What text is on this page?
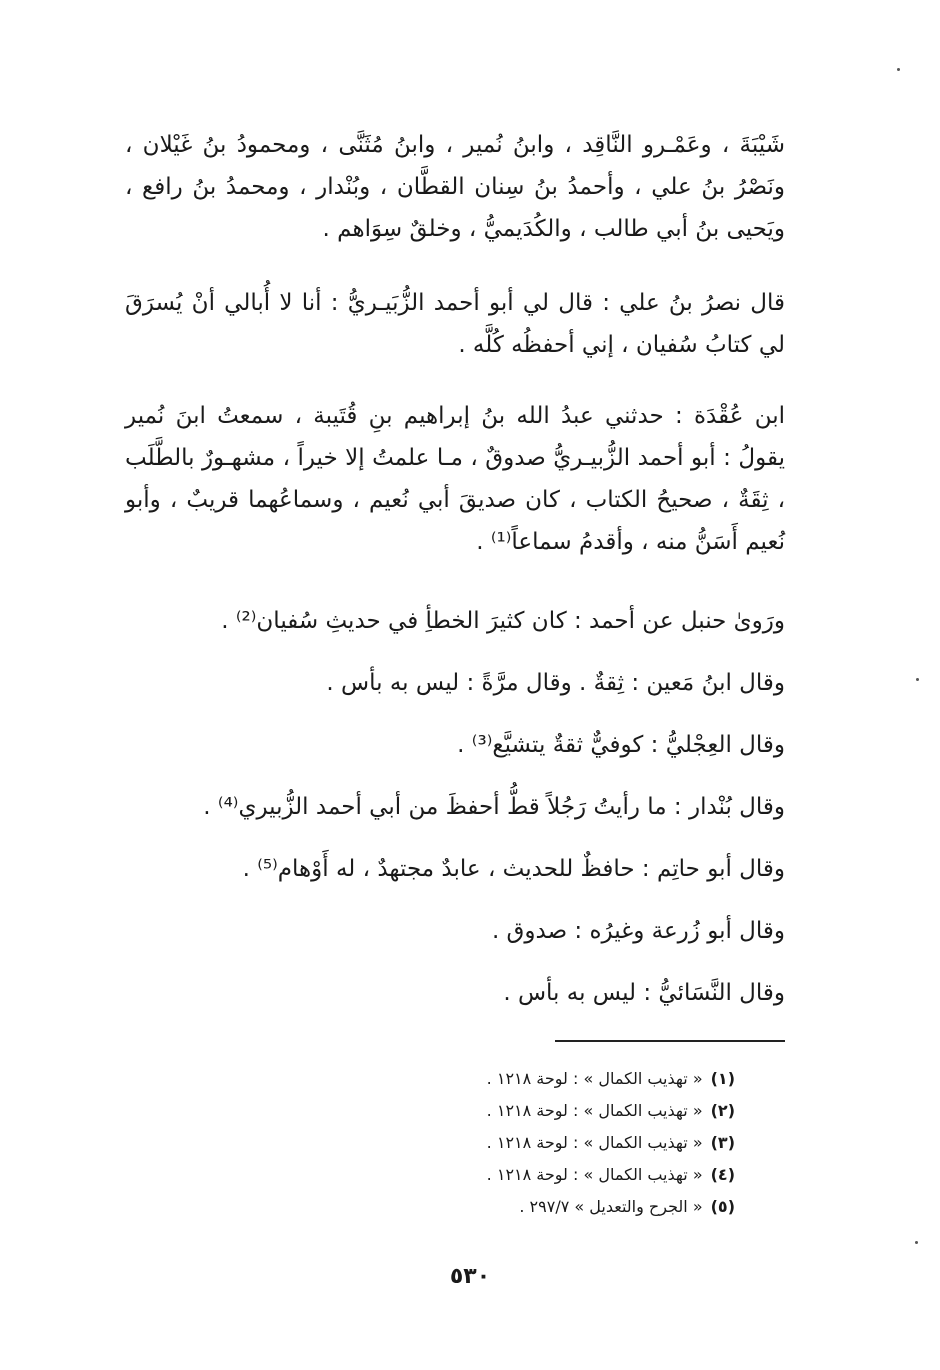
شَيْبَةَ ، وعَمْـرو النَّاقِد ، وابنُ نُمير ، وابنُ مُثَنَّى ، ومحمودُ بنُ غَيْلان ، ونَصْرُ بنُ علي ، وأحمدُ بنُ سِنان القطَّان ، وبُنْدار ، ومحمدُ بنُ رافع ، ويَحيى بنُ أبي طالب ، والكُدَيميُّ ، وخلقٌ سِوَاهم .

قال نصرُ بنُ علي : قال لي أبو أحمد الزُّبَيـريُّ : أنا لا أُبالي أنْ يُسرَقَ لي كتابُ سُفيان ، إني أحفظُه كُلَّه .

ابن عُقْدَة : حدثني عبدُ الله بنُ إبراهيم بنِ قُتَيبة ، سمعتُ ابنَ نُمير يقولُ : أبو أحمد الزُّبيـريُّ صدوقٌ ، مـا علمتُ إلا خيراً ، مشهـورٌ بالطَّلَب ، ثِقَةٌ ، صحيحُ الكتاب ، كان صديقَ أبي نُعيم ، وسماعُهما قريبٌ ، وأبو نُعيم أَسَنُّ منه ، وأقدمُ سماعاً⁽¹⁾ .

ورَوىٰ حنبل عن أحمد : كان كثيرَ الخطأِ في حديثِ سُفيان⁽²⁾ .

وقال ابنُ مَعين : ثِقةٌ . وقال مرَّةً : ليس به بأس .

وقال العِجْليُّ : كوفيٌّ ثقةٌ يتشيَّع⁽³⁾ .

وقال بُنْدار : ما رأيتُ رَجُلاً قطُّ أحفظَ من أبي أحمد الزُّبيري⁽⁴⁾ .

وقال أبو حاتِم : حافظٌ للحديث ، عابدٌ مجتهدٌ ، له أَوْهام⁽⁵⁾ .

وقال أبو زُرعة وغيرُه : صدوق .

وقال النَّسَائيُّ : ليس به بأس .

(١)« تهذيب الكمال » : لوحة ١٢١٨ .

(٢)« تهذيب الكمال » : لوحة ١٢١٨ .

(٣)« تهذيب الكمال » : لوحة ١٢١٨ .

(٤)« تهذيب الكمال » : لوحة ١٢١٨ .

(٥)« الجرح والتعديل » ٢٩٧/٧ .

٥٣٠
